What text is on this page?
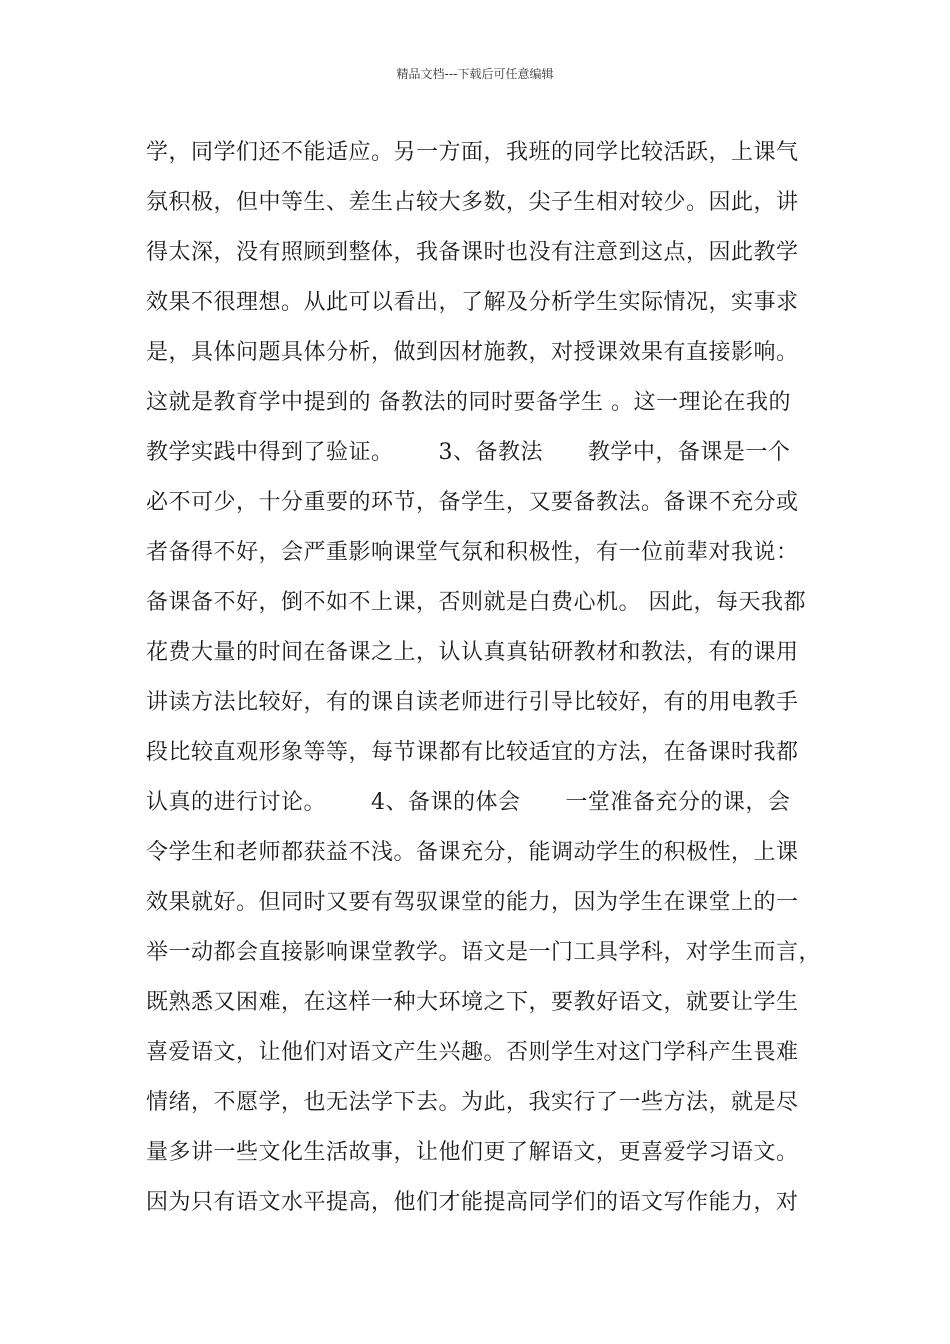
精品文档---下载后可任意编辑
学，同学们还不能适应。另一方面，我班的同学比较活跃，上课气
氛积极，但中等生、差生占较大多数，尖子生相对较少。因此，讲
得太深，没有照顾到整体，我备课时也没有注意到这点，因此教学
效果不很理想。从此可以看出，了解及分析学生实际情况，实事求
是，具体问题具体分析，做到因材施教，对授课效果有直接影响。
这就是教育学中提到的 备教法的同时要备学生 。这一理论在我的
教学实践中得到了验证。      3、备教法      教学中，备课是一个
必不可少，十分重要的环节，备学生，又要备教法。备课不充分或
者备得不好，会严重影响课堂气氛和积极性，有一位前辈对我说：
备课备不好，倒不如不上课，否则就是白费心机。 因此，每天我都
花费大量的时间在备课之上，认认真真钻研教材和教法，有的课用
讲读方法比较好，有的课自读老师进行引导比较好，有的用电教手
段比较直观形象等等，每节课都有比较适宜的方法，在备课时我都
认真的进行讨论。      4、备课的体会      一堂准备充分的课，会
令学生和老师都获益不浅。备课充分，能调动学生的积极性，上课
效果就好。但同时又要有驾驭课堂的能力，因为学生在课堂上的一
举一动都会直接影响课堂教学。语文是一门工具学科，对学生而言，
既熟悉又困难，在这样一种大环境之下，要教好语文，就要让学生
喜爱语文，让他们对语文产生兴趣。否则学生对这门学科产生畏难
情绪，不愿学，也无法学下去。为此，我实行了一些方法，就是尽
量多讲一些文化生活故事，让他们更了解语文，更喜爱学习语文。
因为只有语文水平提高，他们才能提高同学们的语文写作能力，对
